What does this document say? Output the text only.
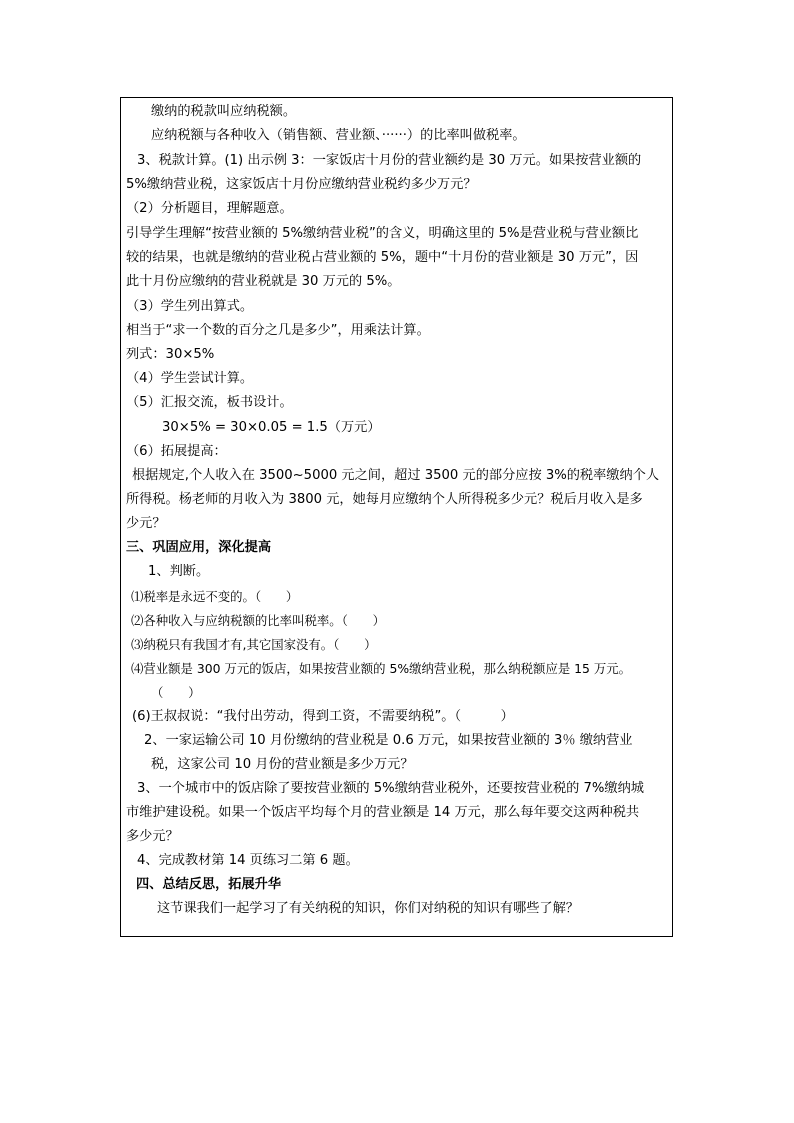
缴纳的税款叫应纳税额。
应纳税额与各种收入（销售额、营业额、······）的比率叫做税率。
3、税款计算。(1) 出示例 3：一家饭店十月份的营业额约是 30 万元。如果按营业额的
5%缴纳营业税，这家饭店十月份应缴纳营业税约多少万元？
（2）分析题目，理解题意。
引导学生理解“按营业额的 5%缴纳营业税”的含义，明确这里的 5%是营业税与营业额比
较的结果，也就是缴纳的营业税占营业额的 5%，题中“十月份的营业额是 30 万元”，因
此十月份应缴纳的营业税就是 30 万元的 5%。
（3）学生列出算式。
相当于“求一个数的百分之几是多少”，用乘法计算。
列式：30×5%
（4）学生尝试计算。
（5）汇报交流，板书设计。
30×5% = 30×0.05 = 1.5（万元）
（6）拓展提高：
根据规定,个人收入在 3500~5000 元之间，超过 3500 元的部分应按 3%的税率缴纳个人
所得税。杨老师的月收入为 3800 元，她每月应缴纳个人所得税多少元？税后月收入是多
少元？
三、巩固应用，深化提高
1、判断。
⑴税率是永远不变的。（　　）
⑵各种收入与应纳税额的比率叫税率。（　　）
⑶纳税只有我国才有,其它国家没有。（　　）
⑷营业额是 300 万元的饭店，如果按营业额的 5%缴纳营业税，那么纳税额应是 15 万元。
（　　）
(6)王叔叔说：“我付出劳动，得到工资，不需要纳税”。（　　　）
2、一家运输公司 10 月份缴纳的营业税是 0.6 万元，如果按营业额的 3％ 缴纳营业
税，这家公司 10 月份的营业额是多少万元？
3、一个城市中的饭店除了要按营业额的 5%缴纳营业税外，还要按营业税的 7%缴纳城
市维护建设税。如果一个饭店平均每个月的营业额是 14 万元，那么每年要交这两种税共
多少元？
4、完成教材第 14 页练习二第 6 题。
四、总结反思，拓展升华
这节课我们一起学习了有关纳税的知识，你们对纳税的知识有哪些了解？
